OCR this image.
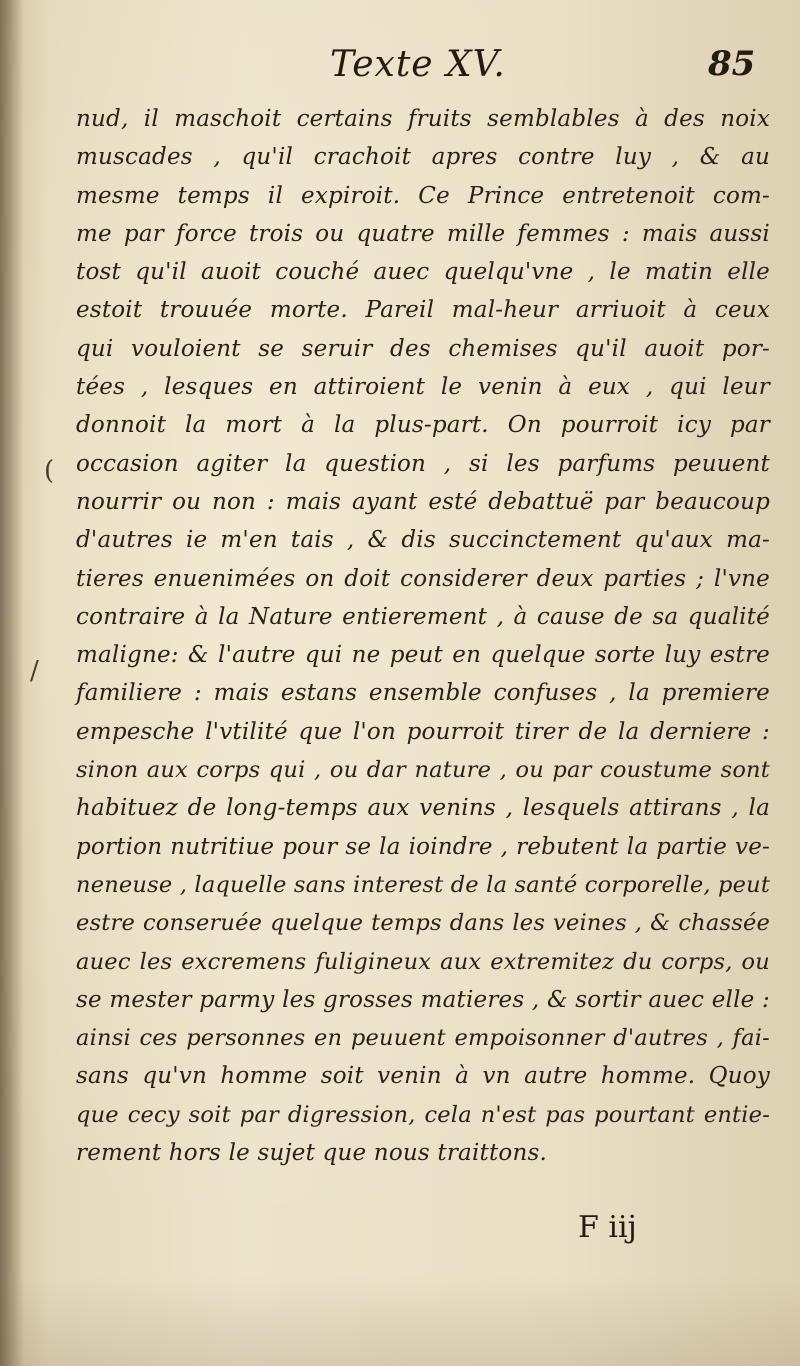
Texte XV.	85
nud, il maschoit certains fruits semblables à des noix
muscades , qu'il crachoit apres contre luy , & au
mesme temps il expiroit. Ce Prince entretenoit com-
me par force trois ou quatre mille femmes : mais aussi
tost qu'il auoit couché auec quelqu'vne , le matin elle
estoit trouuée morte. Pareil mal-heur arriuoit à ceux
qui vouloient se seruir des chemises qu'il auoit por-
tées , lesques en attiroient le venin à eux , qui leur
donnoit la mort à la plus-part. On pourroit icy par
occasion agiter la question , si les parfums peuuent
nourrir ou non : mais ayant esté debattuë par beaucoup
d'autres ie m'en tais , & dis succinctement qu'aux ma-
tieres enuenimées on doit considerer deux parties ; l'vne
contraire à la Nature entierement , à cause de sa qualité
maligne: & l'autre qui ne peut en quelque sorte luy estre
familiere : mais estans ensemble confuses , la premiere
empesche l'vtilité que l'on pourroit tirer de la derniere :
sinon aux corps qui , ou dar nature , ou par coustume sont
habituez de long-temps aux venins , lesquels attirans , la
portion nutritiue pour se la ioindre , rebutent la partie ve-
neneuse , laquelle sans interest de la santé corporelle, peut
estre conseruée quelque temps dans les veines , & chassée
auec les excremens fuligineux aux extremitez du corps, ou
se mester parmy les grosses matieres , & sortir auec elle :
ainsi ces personnes en peuuent empoisonner d'autres , fai-
sans qu'vn homme soit venin à vn autre homme. Quoy
que cecy soit par digression, cela n'est pas pourtant entie-
rement hors le sujet que nous traittons.
(
/
F iij
